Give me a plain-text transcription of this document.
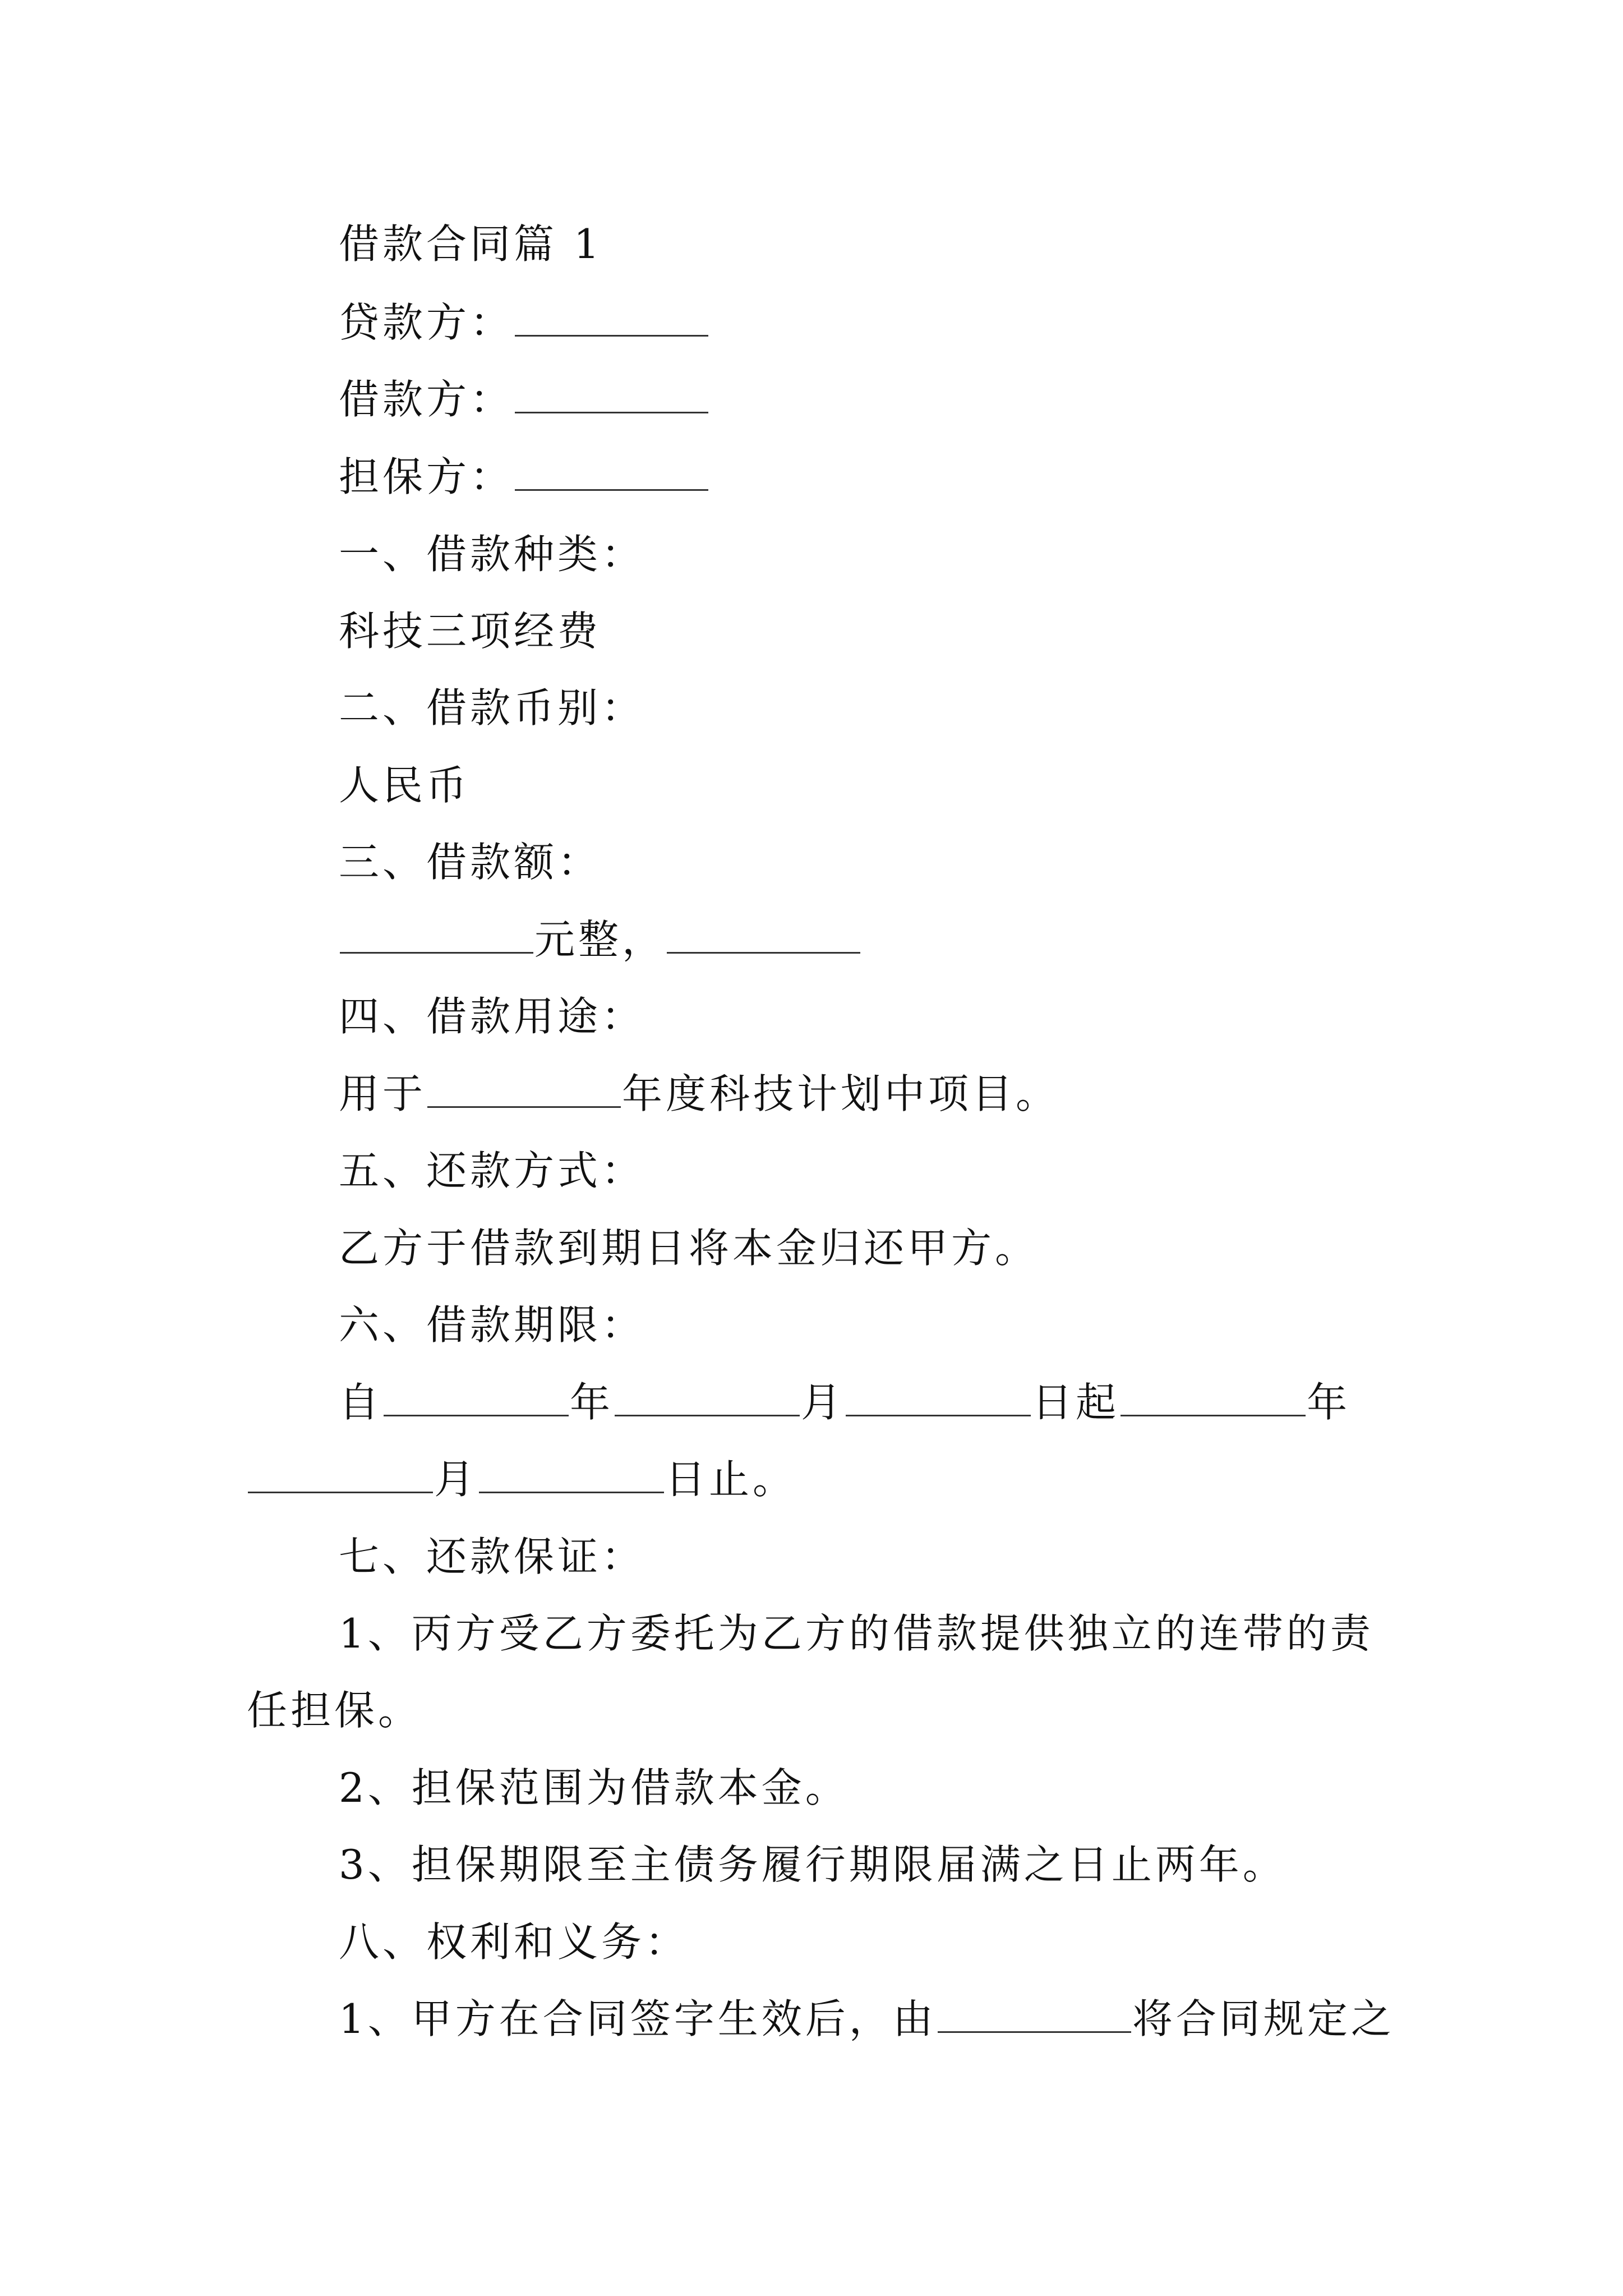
借款合同篇 1
贷款方：
借款方：
担保方：
一、借款种类：
科技三项经费
二、借款币别：
人民币
三、借款额：
元整，
四、借款用途：
用于	年度科技计划中项目。
五、还款方式：
乙方于借款到期日将本金归还甲方。
六、借款期限：
自	年	月	日起	年
月	日止。
七、还款保证：
1、丙方受乙方委托为乙方的借款提供独立的连带的责
任担保。
2、担保范围为借款本金。
3、担保期限至主债务履行期限届满之日止两年。
八、权利和义务：
1、甲方在合同签字生效后，由	将合同规定之
